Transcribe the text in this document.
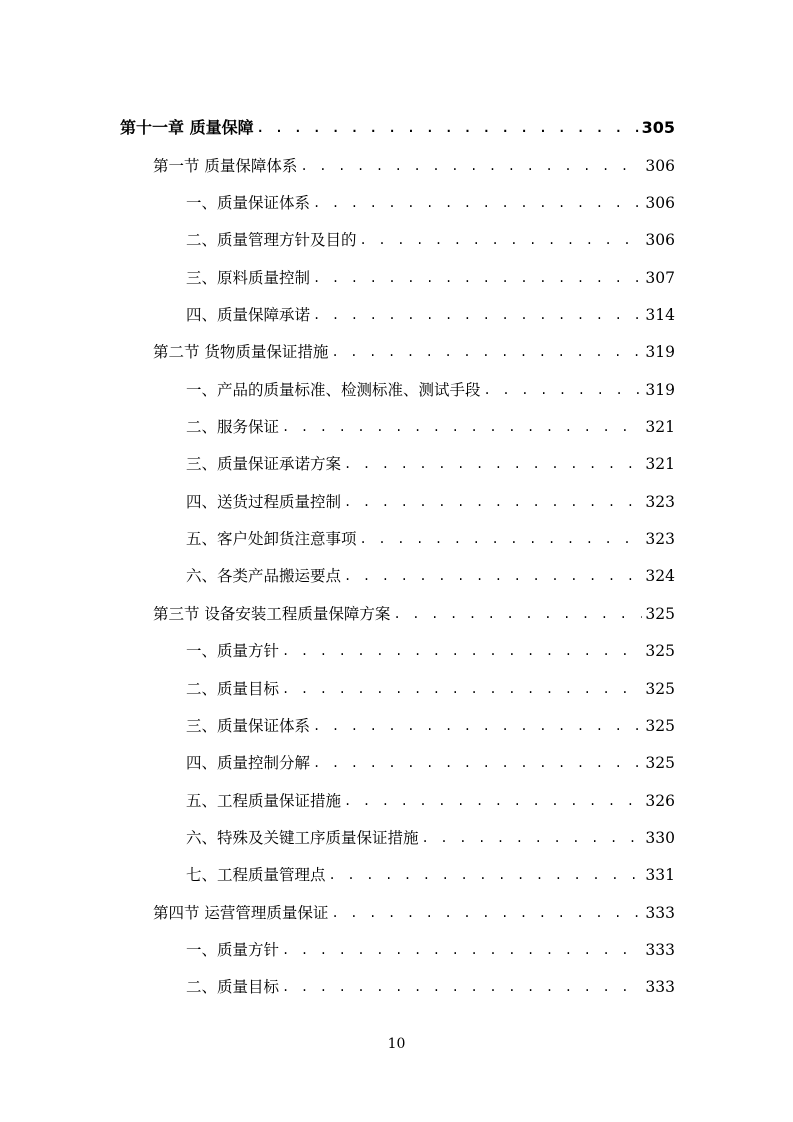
第十一章 质量保障 . . .	305
第一节 质量保障体系 . . .	306
一、质量保证体系 . . .	306
二、质量管理方针及目的 . . .	306
三、原料质量控制 . . .	307
四、质量保障承诺 . . .	314
第二节 货物质量保证措施 . . .	319
一、产品的质量标准、检测标准、测试手段 . . .	319
二、服务保证 . . .	321
三、质量保证承诺方案 . . .	321
四、送货过程质量控制 . . .	323
五、客户处卸货注意事项 . . .	323
六、各类产品搬运要点 . . .	324
第三节 设备安装工程质量保障方案 . . .	325
一、质量方针 . . .	325
二、质量目标 . . .	325
三、质量保证体系 . . .	325
四、质量控制分解 . . .	325
五、工程质量保证措施 . . .	326
六、特殊及关键工序质量保证措施 . . .	330
七、工程质量管理点 . . .	331
第四节 运营管理质量保证 . . .	333
一、质量方针 . . .	333
二、质量目标 . . .	333
10
